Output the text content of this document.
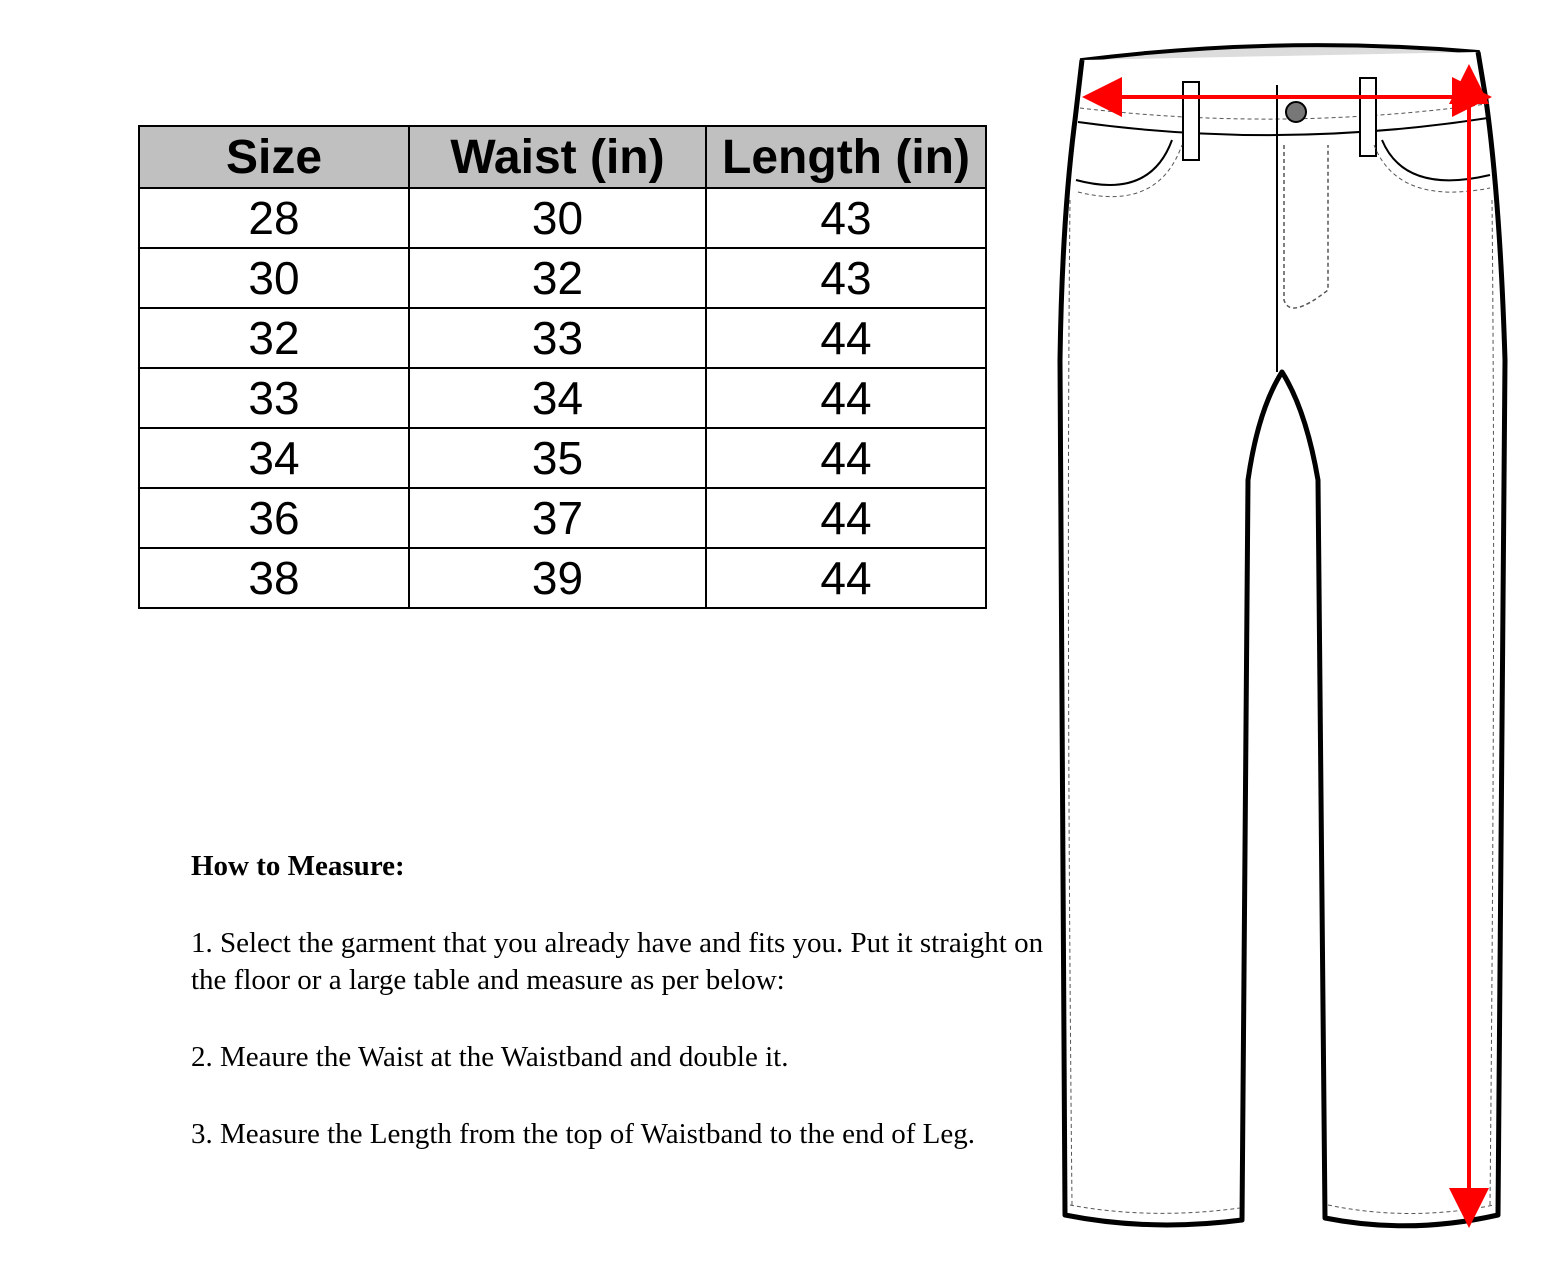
Size	Waist (in)	Length (in)
28	30	43
30	32	43
32	33	44
33	34	44
34	35	44
36	37	44
38	39	44
How to Measure:

1. Select the garment that you already have and fits you. Put it straight on the floor or a large table and measure as per below:

2. Meaure the Waist at the Waistband and double it.

3. Measure the Length from the top of Waistband to the end of Leg.
